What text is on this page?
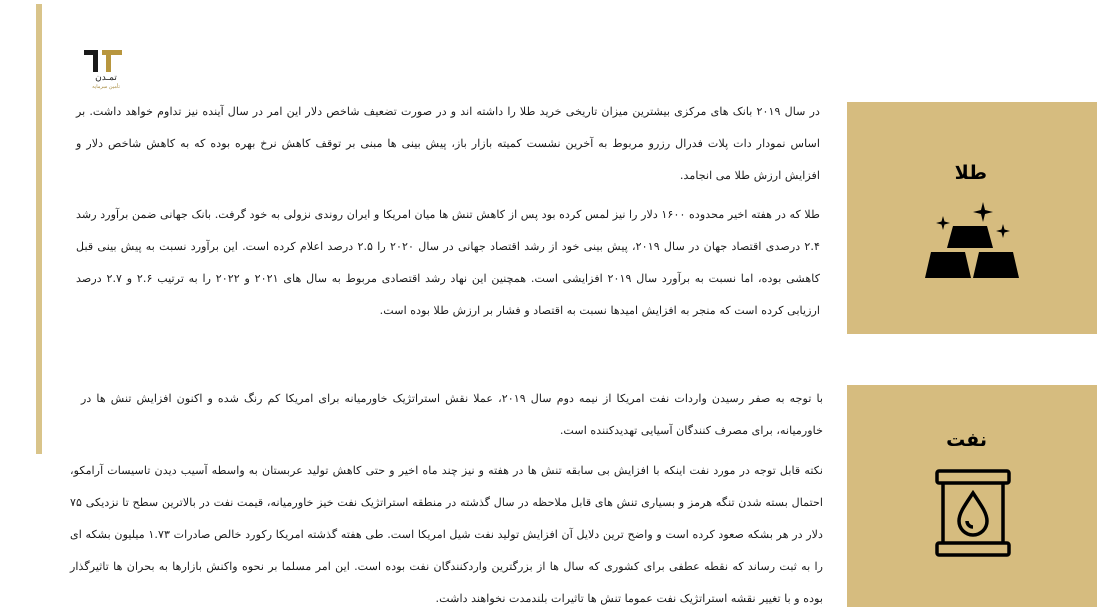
تمـدن
تأمین سرمایه

در سال ۲۰۱۹ بانک های مرکزی بیشترین میزان تاریخی خرید طلا را داشته اند و در صورت تضعیف شاخص دلار این امر در سال آینده نیز تداوم خواهد داشت. بر اساس نمودار دات پلات فدرال رزرو مربوط به آخرین نشست کمیته بازار باز، پیش بینی ها مبنی بر توقف کاهش نرخ بهره بوده که به کاهش شاخص دلار و افزایش ارزش طلا می انجامد.

طلا که در هفته اخیر محدوده ۱۶۰۰ دلار را نیز لمس کرده بود پس از کاهش تنش ها میان امریکا و ایران روندی نزولی به خود گرفت. بانک جهانی ضمن برآورد رشد ۲.۴ درصدی اقتصاد جهان در سال ۲۰۱۹، پیش بینی خود از رشد اقتصاد جهانی در سال ۲۰۲۰ را ۲.۵ درصد اعلام کرده است. این برآورد نسبت به پیش بینی قبل کاهشی بوده، اما نسبت به برآورد سال ۲۰۱۹ افزایشی است. همچنین این نهاد رشد اقتصادی مربوط به سال های ۲۰۲۱ و ۲۰۲۲ را به ترتیب ۲.۶ و ۲.۷ درصد ارزیابی کرده است که منجر به افزایش امیدها نسبت به اقتصاد و فشار بر ارزش طلا بوده است.

با توجه به صفر رسیدن واردات نفت امریکا از نیمه دوم سال ۲۰۱۹، عملا نقش استراتژیک خاورمیانه برای امریکا کم رنگ شده و اکنون افزایش تنش ها در خاورمیانه، برای مصرف کنندگان آسیایی تهدیدکننده است.

نکته قابل توجه در مورد نفت اینکه با افزایش بی سابقه تنش ها در هفته و نیز چند ماه اخیر و حتی کاهش تولید عربستان به واسطه آسیب دیدن تاسیسات آرامکو، احتمال بسته شدن تنگه هرمز و بسیاری تنش های قابل ملاحظه در سال گذشته در منطقه استراتژیک نفت خیز خاورمیانه، قیمت نفت در بالاترین سطح تا نزدیکی ۷۵ دلار در هر بشکه صعود کرده است و واضح ترین دلایل آن افزایش تولید نفت شیل امریکا است. طی هفته گذشته امریکا رکورد خالص صادرات ۱.۷۳ میلیون بشکه ای را به ثبت رساند که نقطه عطفی برای کشوری که سال ها از بزرگترین واردکنندگان نفت بوده است. این امر مسلما بر نحوه واکنش بازارها به بحران ها تاثیرگذار بوده و با تغییر نقشه استراتژیک نفت عموما تنش ها تاثیرات بلندمدت نخواهند داشت.

طلا
نفت
